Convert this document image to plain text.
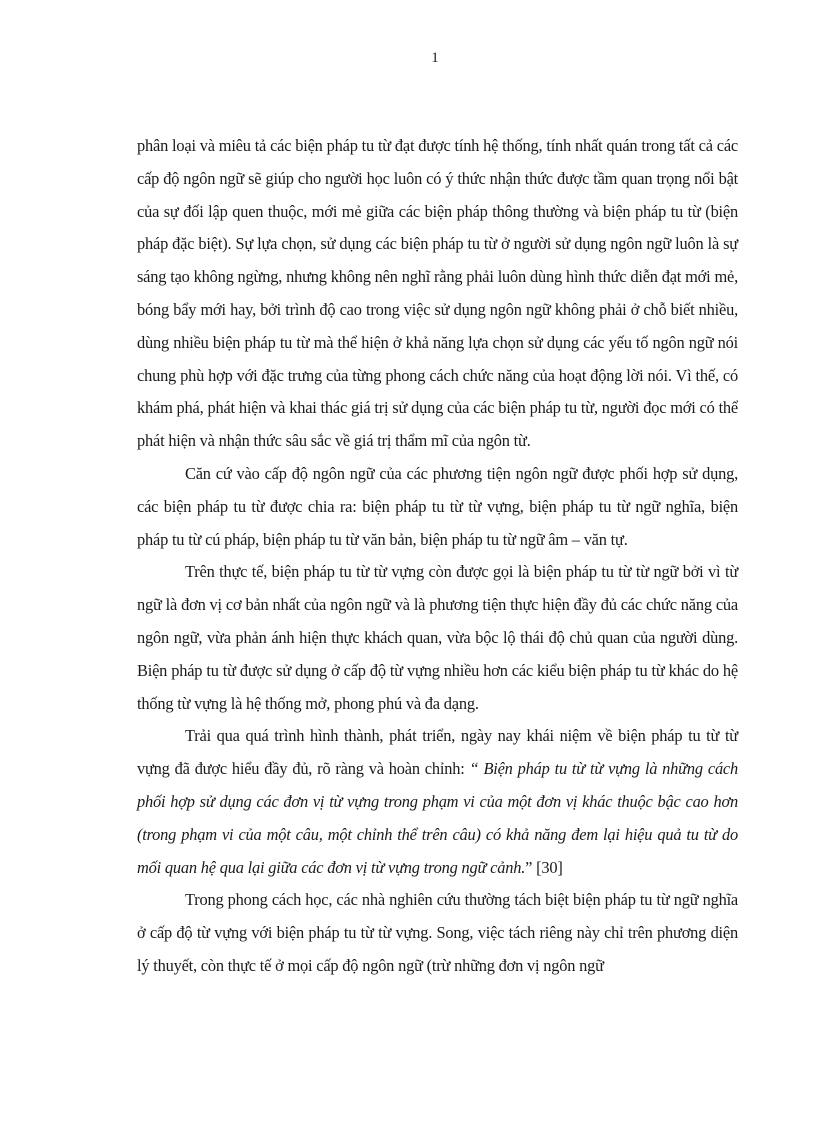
1

phân loại và miêu tả các biện pháp tu từ đạt được tính hệ thống, tính nhất quán trong tất cả các cấp độ ngôn ngữ sẽ giúp cho người học luôn có ý thức nhận thức được tầm quan trọng nổi bật của sự đối lập quen thuộc, mới mẻ giữa các biện pháp thông thường và biện pháp tu từ (biện pháp đặc biệt). Sự lựa chọn, sử dụng các biện pháp tu từ ở người sử dụng ngôn ngữ luôn là sự sáng tạo không ngừng, nhưng không nên nghĩ rằng phải luôn dùng hình thức diễn đạt mới mẻ, bóng bẩy mới hay, bởi trình độ cao trong việc sử dụng ngôn ngữ không phải ở chỗ biết nhiều, dùng nhiều biện pháp tu từ mà thể hiện ở khả năng lựa chọn sử dụng các yếu tố ngôn ngữ nói chung phù hợp với đặc trưng của từng phong cách chức năng của hoạt động lời nói. Vì thế, có khám phá, phát hiện và khai thác giá trị sử dụng của các biện pháp tu từ, người đọc mới có thể phát hiện và nhận thức sâu sắc về giá trị thẩm mĩ của ngôn từ.

Căn cứ vào cấp độ ngôn ngữ của các phương tiện ngôn ngữ được phối hợp sử dụng, các biện pháp tu từ được chia ra: biện pháp tu từ từ vựng, biện pháp tu từ ngữ nghĩa, biện pháp tu từ cú pháp, biện pháp tu từ văn bản, biện pháp tu từ ngữ âm – văn tự.

Trên thực tế, biện pháp tu từ từ vựng còn được gọi là biện pháp tu từ từ ngữ bởi vì từ ngữ là đơn vị cơ bản nhất của ngôn ngữ và là phương tiện thực hiện đầy đủ các chức năng của ngôn ngữ, vừa phản ánh hiện thực khách quan, vừa bộc lộ thái độ chủ quan của người dùng. Biện pháp tu từ được sử dụng ở cấp độ từ vựng nhiều hơn các kiểu biện pháp tu từ khác do hệ thống từ vựng là hệ thống mở, phong phú và đa dạng.

Trải qua quá trình hình thành, phát triển, ngày nay khái niệm về biện pháp tu từ từ vựng đã được hiểu đầy đủ, rõ ràng và hoàn chỉnh: “ Biện pháp tu từ từ vựng là những cách phối hợp sử dụng các đơn vị từ vựng trong phạm vi của một đơn vị khác thuộc bậc cao hơn (trong phạm vi của một câu, một chỉnh thể trên câu) có khả năng đem lại hiệu quả tu từ do mối quan hệ qua lại giữa các đơn vị từ vựng trong ngữ cảnh.” [30]

Trong phong cách học, các nhà nghiên cứu thường tách biệt biện pháp tu từ ngữ nghĩa ở cấp độ từ vựng với biện pháp tu từ từ vựng. Song, việc tách riêng này chỉ trên phương diện lý thuyết, còn thực tế ở mọi cấp độ ngôn ngữ (trừ những đơn vị ngôn ngữ
